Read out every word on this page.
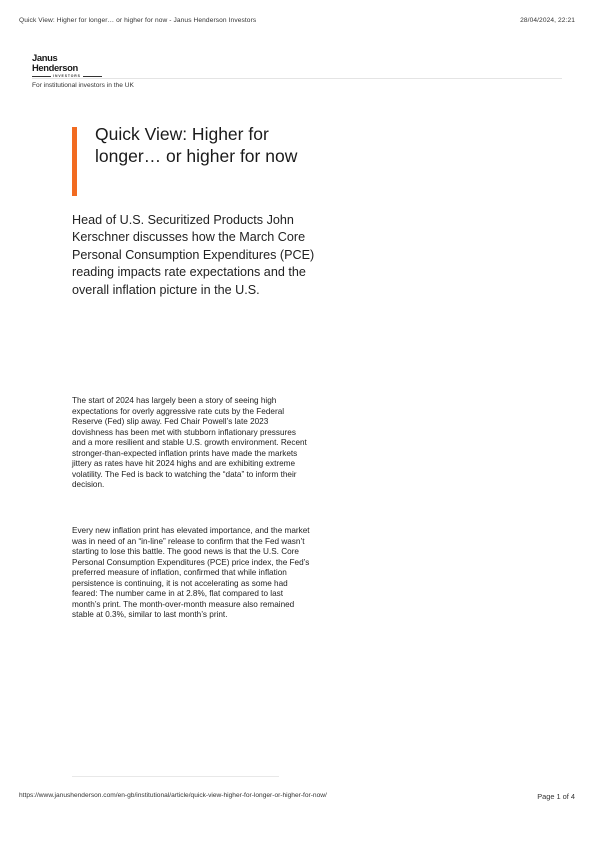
Quick View: Higher for longer… or higher for now - Janus Henderson Investors	28/04/2024, 22:21
Janus Henderson
INVESTORS
For institutional investors in the UK
Quick View: Higher for longer… or higher for now

Head of U.S. Securitized Products John Kerschner discusses how the March Core Personal Consumption Expenditures (PCE) reading impacts rate expectations and the overall inflation picture in the U.S.

The start of 2024 has largely been a story of seeing high expectations for overly aggressive rate cuts by the Federal Reserve (Fed) slip away. Fed Chair Powell’s late 2023 dovishness has been met with stubborn inflationary pressures and a more resilient and stable U.S. growth environment. Recent stronger-than-expected inflation prints have made the markets jittery as rates have hit 2024 highs and are exhibiting extreme volatility. The Fed is back to watching the “data” to inform their decision.

Every new inflation print has elevated importance, and the market was in need of an “in-line” release to confirm that the Fed wasn’t starting to lose this battle. The good news is that the U.S. Core Personal Consumption Expenditures (PCE) price index, the Fed’s preferred measure of inflation, confirmed that while inflation persistence is continuing, it is not accelerating as some had feared: The number came in at 2.8%, flat compared to last month’s print. The month-over-month measure also remained stable at 0.3%, similar to last month’s print.

https://www.janushenderson.com/en-gb/institutional/article/quick-view-higher-for-longer-or-higher-for-now/	Page 1 of 4
